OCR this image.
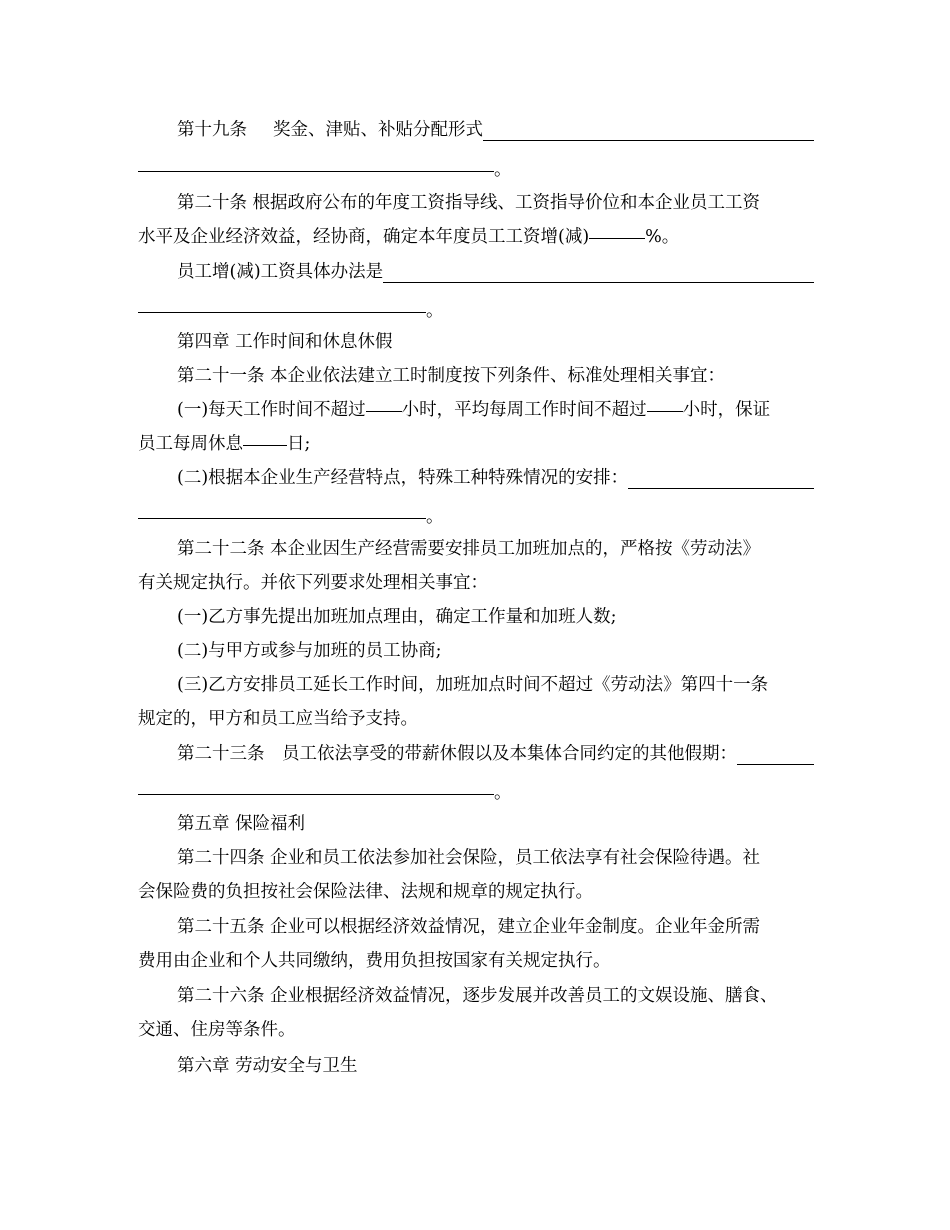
第十九条 奖金、津贴、补贴分配形式
。
第二十条 根据政府公布的年度工资指导线、工资指导价位和本企业员工工资
水平及企业经济效益，经协商，确定本年度员工工资增(减)	%。
员工增(减)工资具体办法是
。
第四章 工作时间和休息休假
第二十一条 本企业依法建立工时制度按下列条件、标准处理相关事宜：
(一)每天工作时间不超过 小时，平均每周工作时间不超过 小时，保证
员工每周休息	日;
(二)根据本企业生产经营特点，特殊工种特殊情况的安排：
。
第二十二条 本企业因生产经营需要安排员工加班加点的，严格按《劳动法》
有关规定执行。并依下列要求处理相关事宜：
(一)乙方事先提出加班加点理由，确定工作量和加班人数;
(二)与甲方或参与加班的员工协商;
(三)乙方安排员工延长工作时间，加班加点时间不超过《劳动法》第四十一条
规定的，甲方和员工应当给予支持。
第二十三条　员工依法享受的带薪休假以及本集体合同约定的其他假期：
。
第五章 保险福利
第二十四条 企业和员工依法参加社会保险，员工依法享有社会保险待遇。社
会保险费的负担按社会保险法律、法规和规章的规定执行。
第二十五条 企业可以根据经济效益情况，建立企业年金制度。企业年金所需
费用由企业和个人共同缴纳，费用负担按国家有关规定执行。
第二十六条 企业根据经济效益情况，逐步发展并改善员工的文娱设施、膳食、
交通、住房等条件。
第六章 劳动安全与卫生
